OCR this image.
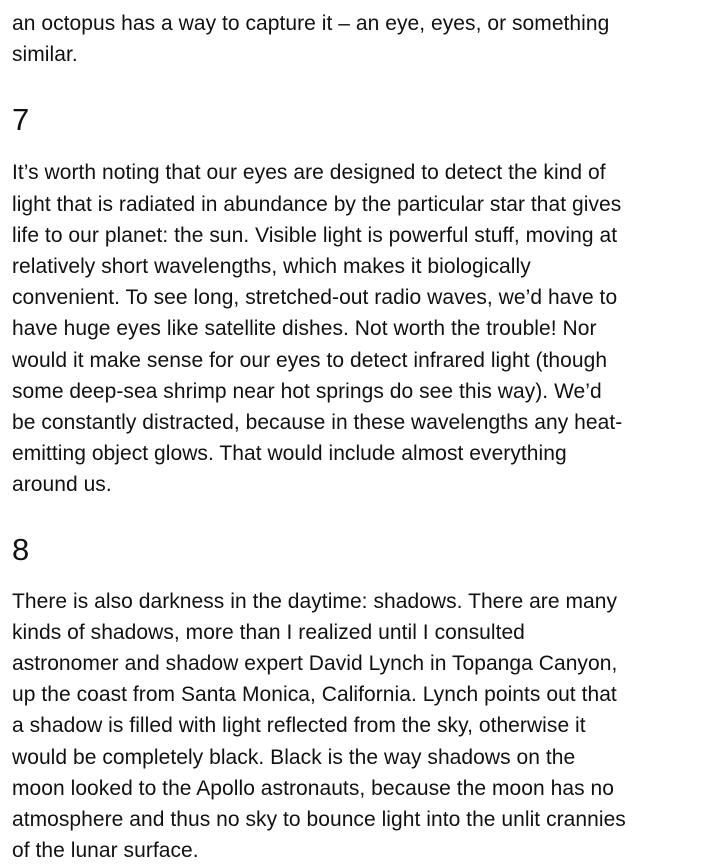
an octopus has a way to capture it – an eye, eyes, or something
similar.

7

It’s worth noting that our eyes are designed to detect the kind of
light that is radiated in abundance by the particular star that gives
life to our planet: the sun. Visible light is powerful stuff, moving at
relatively short wavelengths, which makes it biologically
convenient. To see long, stretched-out radio waves, we’d have to
have huge eyes like satellite dishes. Not worth the trouble! Nor
would it make sense for our eyes to detect infrared light (though
some deep-sea shrimp near hot springs do see this way). We’d
be constantly distracted, because in these wavelengths any heat-
emitting object glows. That would include almost everything
around us.

8

There is also darkness in the daytime: shadows. There are many
kinds of shadows, more than I realized until I consulted
astronomer and shadow expert David Lynch in Topanga Canyon,
up the coast from Santa Monica, California. Lynch points out that
a shadow is filled with light reflected from the sky, otherwise it
would be completely black. Black is the way shadows on the
moon looked to the Apollo astronauts, because the moon has no
atmosphere and thus no sky to bounce light into the unlit crannies
of the lunar surface.
